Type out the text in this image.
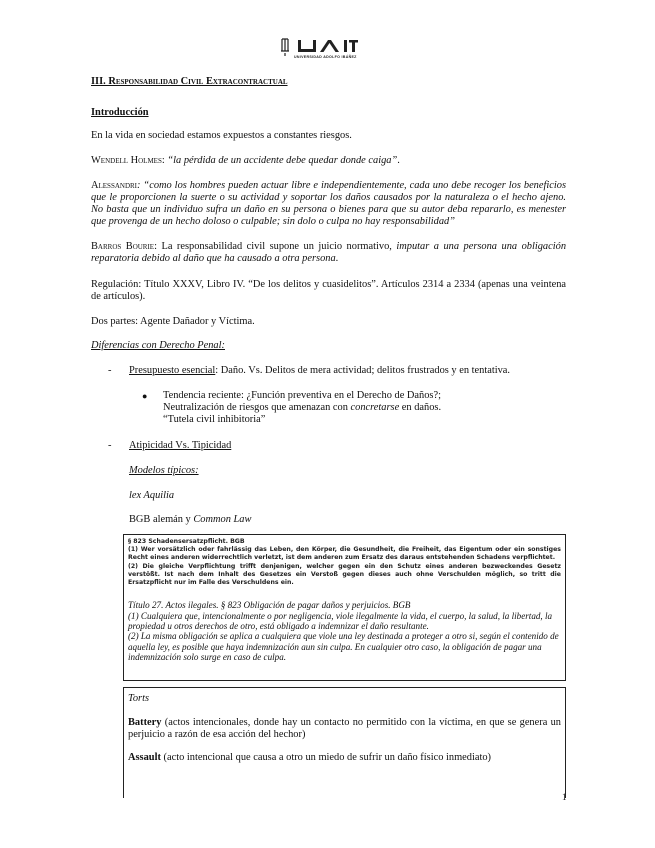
UNIVERSIDAD ADOLFO IBÁÑEZ
III. Responsabilidad Civil Extracontractual
Introducción
En la vida en sociedad estamos expuestos a constantes riesgos.
Wendell Holmes: “la pérdida de un accidente debe quedar donde caiga”.
Alessandri: “como los hombres pueden actuar libre e independientemente, cada uno debe recoger los beneficios que le proporcionen la suerte o su actividad y soportar los daños causados por la naturaleza o el hecho ajeno. No basta que un individuo sufra un daño en su persona o bienes para que su autor deba repararlo, es menester que provenga de un hecho doloso o culpable; sin dolo o culpa no hay responsabilidad”
Barros Bourie: La responsabilidad civil supone un juicio normativo, imputar a una persona una obligación reparatoria debido al daño que ha causado a otra persona.
Regulación: Título XXXV, Libro IV. “De los delitos y cuasidelitos”. Artículos 2314 a 2334 (apenas una veintena de artículos).
Dos partes: Agente Dañador y Víctima.
Diferencias con Derecho Penal:
- Presupuesto esencial: Daño. Vs. Delitos de mera actividad; delitos frustrados y en tentativa.
● Tendencia reciente: ¿Función preventiva en el Derecho de Daños?;
Neutralización de riesgos que amenazan con concretarse en daños.
“Tutela civil inhibitoria”
- Atipicidad Vs. Tipicidad
Modelos típicos:
lex Aquilia
BGB alemán y Common Law
§ 823 Schadensersatzpflicht. BGB
(1) Wer vorsätzlich oder fahrlässig das Leben, den Körper, die Gesundheit, die Freiheit, das Eigentum oder ein sonstiges Recht eines anderen widerrechtlich verletzt, ist dem anderen zum Ersatz des daraus entstehenden Schadens verpflichtet.
(2) Die gleiche Verpflichtung trifft denjenigen, welcher gegen ein den Schutz eines anderen bezweckendes Gesetz verstößt. Ist nach dem Inhalt des Gesetzes ein Verstoß gegen dieses auch ohne Verschulden möglich, so tritt die Ersatzpflicht nur im Falle des Verschuldens ein.
Título 27. Actos ilegales. § 823 Obligación de pagar daños y perjuicios. BGB
(1) Cualquiera que, intencionalmente o por negligencia, viole ilegalmente la vida, el cuerpo, la salud, la libertad, la propiedad u otros derechos de otro, está obligado a indemnizar el daño resultante.
(2) La misma obligación se aplica a cualquiera que viole una ley destinada a proteger a otro si, según el contenido de aquella ley, es posible que haya indemnización aun sin culpa. En cualquier otro caso, la obligación de pagar una indemnización solo surge en caso de culpa.
Torts
Battery (actos intencionales, donde hay un contacto no permitido con la víctima, en que se genera un perjuicio a razón de esa acción del hechor)
Assault (acto intencional que causa a otro un miedo de sufrir un daño físico inmediato)
1
